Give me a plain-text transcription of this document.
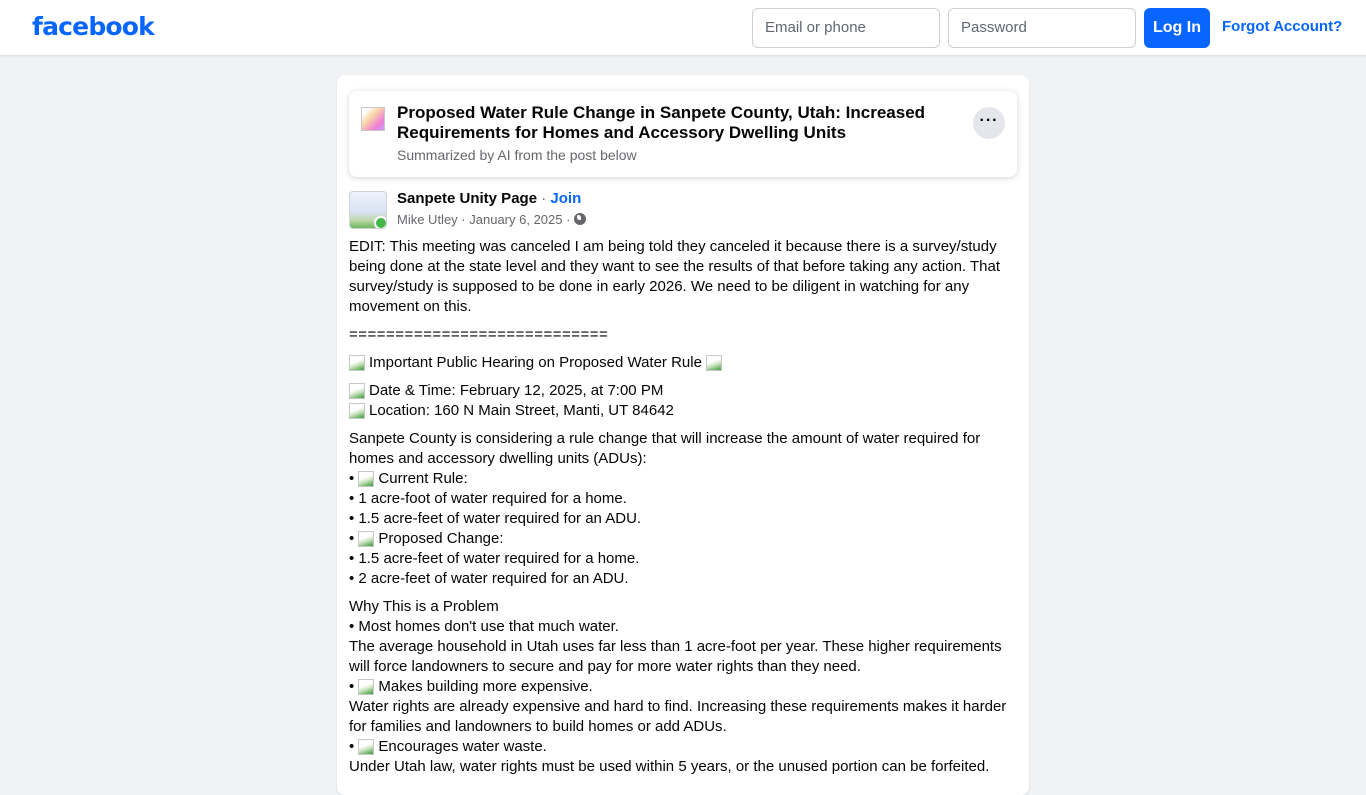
facebook	Email or phone	Password	Log In	Forgot Account?
Proposed Water Rule Change in Sanpete County, Utah: Increased Requirements for Homes and Accessory Dwelling Units
Summarized by AI from the post below
···
Sanpete Unity Page · Join
Mike Utley · January 6, 2025 ·

EDIT: This meeting was canceled I am being told they canceled it because there is a survey/study being done at the state level and they want to see the results of that before taking any action. That survey/study is supposed to be done in early 2026. We need to be diligent in watching for any movement on this.

============================

Important Public Hearing on Proposed Water Rule

Date & Time: February 12, 2025, at 7:00 PM
Location: 160 N Main Street, Manti, UT 84642

Sanpete County is considering a rule change that will increase the amount of water required for homes and accessory dwelling units (ADUs):
• Current Rule:
• 1 acre-foot of water required for a home.
• 1.5 acre-feet of water required for an ADU.
• Proposed Change:
• 1.5 acre-feet of water required for a home.
• 2 acre-feet of water required for an ADU.

Why This is a Problem
• Most homes don't use that much water.
The average household in Utah uses far less than 1 acre-foot per year. These higher requirements will force landowners to secure and pay for more water rights than they need.
• Makes building more expensive.
Water rights are already expensive and hard to find. Increasing these requirements makes it harder for families and landowners to build homes or add ADUs.
• Encourages water waste.
Under Utah law, water rights must be used within 5 years, or the unused portion can be forfeited.
